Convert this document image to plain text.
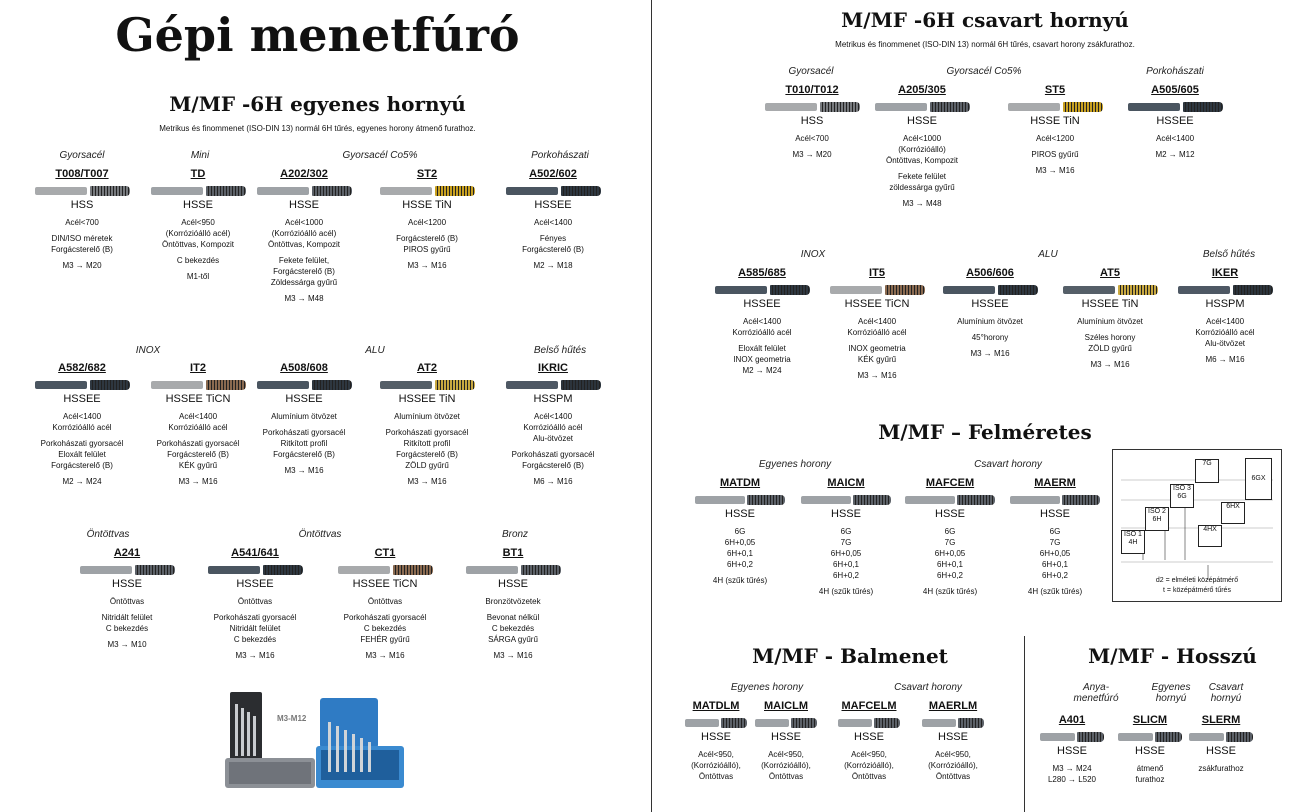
Gépi menetfúró
M/MF -6H egyenes hornyú
Metrikus és finommenet (ISO-DIN 13) normál 6H tűrés, egyenes horony átmenő furathoz.
Gyorsacél	Mini	Gyorsacél Co5%	Porkohászati
T008/T007
HSS
Acél<700
DIN/ISO méretek
Forgácsterelő (B)
M3 → M20
TD
HSSE
Acél<950
(Korrózióálló acél)
Öntöttvas, Kompozit
C bekezdés
M1-től
A202/302
HSSE
Acél<1000
(Korrózióálló acél)
Öntöttvas, Kompozit
Fekete felület,
Forgácsterelő (B)
Zöldessárga gyűrű
M3 → M48
ST2
HSSE TiN
Acél<1200
Forgácsterelő (B)
PIROS gyűrű
M3 → M16
A502/602
HSSEE
Acél<1400
Fényes
Forgácsterelő (B)
M2 → M18
INOX	ALU	Belső hűtés
A582/682
HSSEE
Acél<1400
Korrózióálló acél
Porkohászati gyorsacél
Eloxált felület
Forgácsterelő (B)
M2 → M24
IT2
HSSEE TiCN
Acél<1400
Korrózióálló acél
Porkohászati gyorsacél
Forgácsterelő (B)
KÉK gyűrű
M3 → M16
A508/608
HSSEE
Alumínium ötvözet
Porkohászati gyorsacél
Ritkított profil
Forgácsterelő (B)
M3 → M16
AT2
HSSEE TiN
Alumínium ötvözet
Porkohászati gyorsacél
Ritkított profil
Forgácsterelő (B)
ZÖLD gyűrű
M3 → M16
IKRIC
HSSPM
Acél<1400
Korrózióálló acél
Alu-ötvözet
Porkohászati gyorsacél
Forgácsterelő (B)
M6 → M16
Öntöttvas	Öntöttvas	Bronz
A241
HSSE
Öntöttvas
Nitridált felület
C bekezdés
M3 → M10
A541/641
HSSEE
Öntöttvas
Porkohászati gyorsacél
Nitridált felület
C bekezdés
M3 → M16
CT1
HSSEE TiCN
Öntöttvas
Porkohászati gyorsacél
C bekezdés
FEHÉR gyűrű
M3 → M16
BT1
HSSE
Bronzötvözetek
Bevonat nélkül
C bekezdés
SÁRGA gyűrű
M3 → M16
M3-M12
M/MF -6H csavart hornyú
Metrikus és finommenet (ISO-DIN 13) normál 6H tűrés, csavart horony zsákfurathoz.
Gyorsacél	Gyorsacél Co5%	Porkohászati
T010/T012
HSS
Acél<700
M3 → M20
A205/305
HSSE
Acél<1000
(Korrózióálló)
Öntöttvas, Kompozit
Fekete felület
zöldessárga gyűrű
M3 → M48
ST5
HSSE TiN
Acél<1200
PIROS gyűrű
M3 → M16
A505/605
HSSEE
Acél<1400
M2 → M12
INOX	ALU	Belső hűtés
A585/685
HSSEE
Acél<1400
Korrózióálló acél
Eloxált felület
INOX geometria
M2 → M24
IT5
HSSEE TiCN
Acél<1400
Korrózióálló acél
INOX geometria
KÉK gyűrű
M3 → M16
A506/606
HSSEE
Alumínium ötvözet
45°horony
M3 → M16
AT5
HSSEE TiN
Alumínium ötvözet
Széles horony
ZÖLD gyűrű
M3 → M16
IKER
HSSPM
Acél<1400
Korrózióálló acél
Alu-ötvözet
M6 → M16
M/MF – Felméretes
Egyenes horony	Csavart horony
MATDM
HSSE
6G
6H+0,05
6H+0,1
6H+0,2
4H (szűk tűrés)
MAICM
HSSE
6G
7G
6H+0,05
6H+0,1
6H+0,2
4H (szűk tűrés)
MAFCEM
HSSE
6G
7G
6H+0,05
6H+0,1
6H+0,2
4H (szűk tűrés)
MAERM
HSSE
6G
7G
6H+0,05
6H+0,1
6H+0,2
4H (szűk tűrés)
ISO 1
4H
ISO 2
6H
ISO 3
6G
7G
4HX
6HX
6GX
d2 = elméleti középátmérő
t = középátmérő tűrés
M/MF - Balmenet
Egyenes horony	Csavart horony
MATDLM
HSSE
Acél<950,
(Korrózióálló),
Öntöttvas
MAICLM
HSSE
Acél<950,
(Korrózióálló),
Öntöttvas
MAFCELM
HSSE
Acél<950,
(Korrózióálló),
Öntöttvas
MAERLM
HSSE
Acél<950,
(Korrózióálló),
Öntöttvas
M/MF - Hosszú
Anya-
menetfúró
Egyenes
hornyú
Csavart
hornyú
A401
HSSE
M3 → M24
L280 → L520
SLICM
HSSE
átmenő
furathoz
SLERM
HSSE
zsákfurathoz
